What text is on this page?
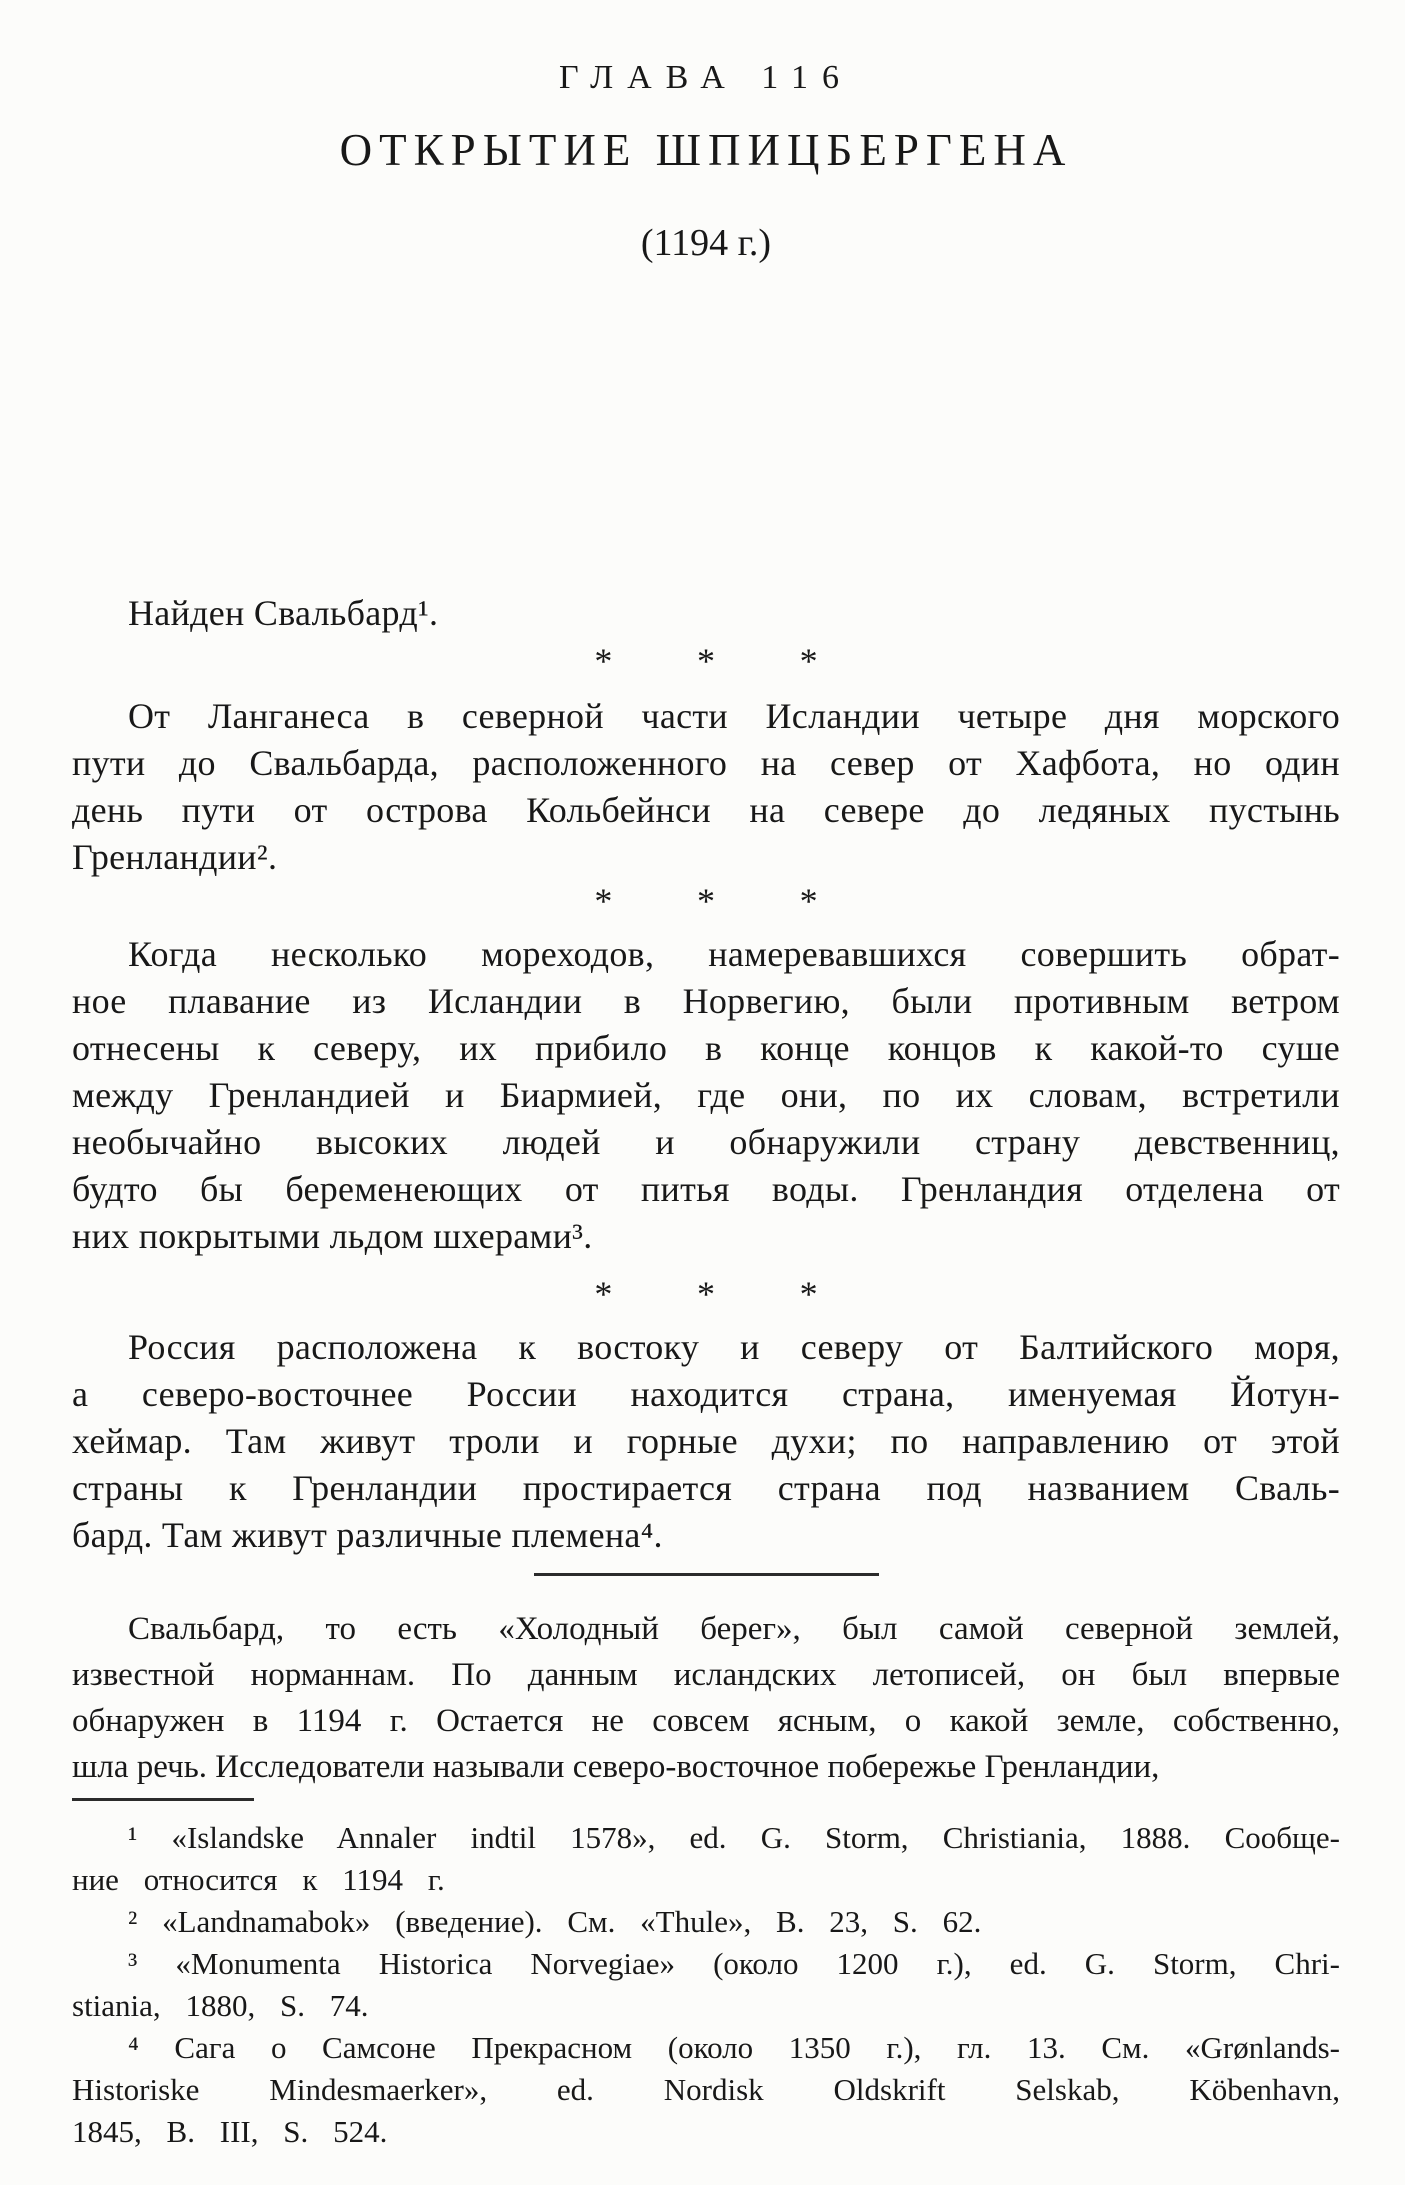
ГЛАВА 116
ОТКРЫТИЕ ШПИЦБЕРГЕНА
(1194 г.)
Найден Свальбард¹.
* * *
От Ланганеса в северной части Исландии четыре дня морского
пути до Свальбарда, расположенного на север от Хафбота, но один
день пути от острова Кольбейнси на севере до ледяных пустынь
Гренландии².
* * *
Когда несколько мореходов, намеревавшихся совершить обрат-
ное плавание из Исландии в Норвегию, были противным ветром
отнесены к северу, их прибило в конце концов к какой-то суше
между Гренландией и Биармией, где они, по их словам, встретили
необычайно высоких людей и обнаружили страну девственниц,
будто бы беременеющих от питья воды. Гренландия отделена от
них покрытыми льдом шхерами³.
* * *
Россия расположена к востоку и северу от Балтийского моря,
а северо-восточнее России находится страна, именуемая Йотун-
хеймар. Там живут троли и горные духи; по направлению от этой
страны к Гренландии простирается страна под названием Сваль-
бард. Там живут различные племена⁴.
Свальбард, то есть «Холодный берег», был самой северной землей,
известной норманнам. По данным исландских летописей, он был впервые
обнаружен в 1194 г. Остается не совсем ясным, о какой земле, собственно,
шла речь. Исследователи называли северо-восточное побережье Гренландии,
¹ «Islandske Annaler indtil 1578», ed. G. Storm, Christiania, 1888. Сообще-
ние относится к 1194 г.
² «Landnamabok» (введение). См. «Thule», B. 23, S. 62.
³ «Monumenta Historica Norvegiae» (около 1200 г.), ed. G. Storm, Chri-
stiania, 1880, S. 74.
⁴ Сага о Самсоне Прекрасном (около 1350 г.), гл. 13. См. «Grønlands-
Historiske Mindesmaerker», ed. Nordisk Oldskrift Selskab, Köbenhavn,
1845, B. III, S. 524.
